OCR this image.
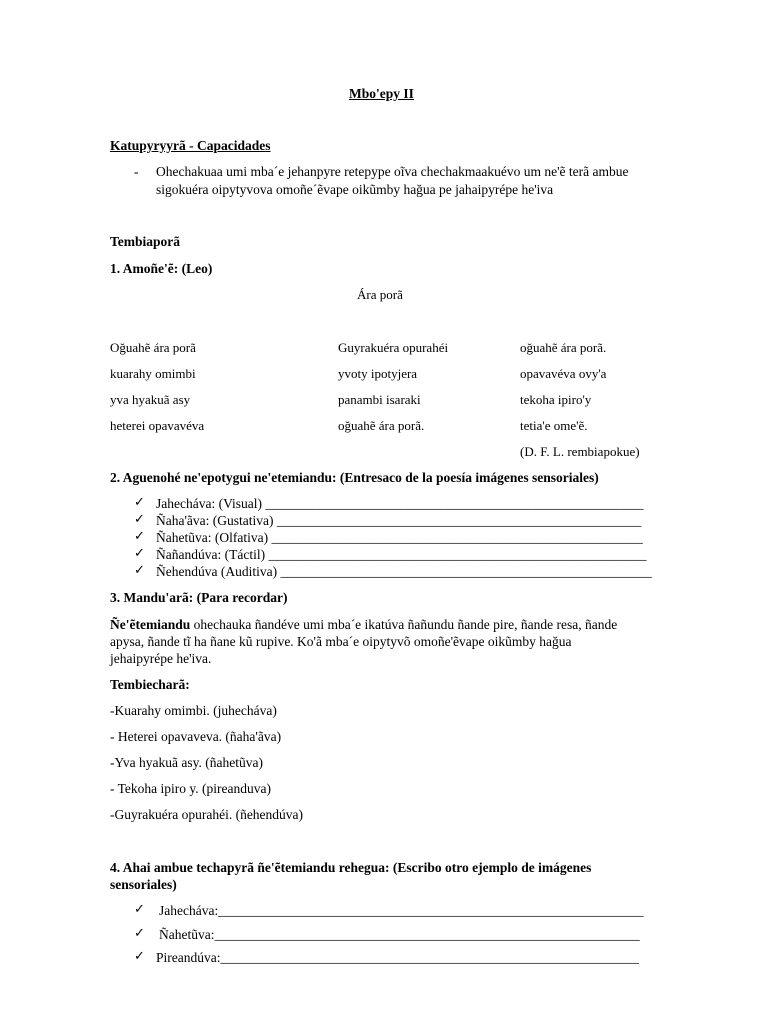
Mbo'epy II
Katupyryyrã - Capacidades
- Ohechakuaa umi mba´e jehanpyre retepype oĩva chechakmaakuévo um ne'ẽ terã ambue
sigokuéra oipytyvova omoñe´ẽvape oikũmby hağua pe jahaipyrépe he'iva
Tembiaporã
1. Amoñe'ẽ: (Leo)
Ára porã
Oğuahẽ ára porã
kuarahy omimbi
yva hyakuã asy
heterei opavavéva
Guyrakuéra opurahéi
yvoty ipotyjera
panambi isaraki
oğuahẽ ára porã.
oğuahẽ ára porã.
opavavéva ovy'a
tekoha ipiro'y
tetia'e ome'ẽ.
(D. F. L. rembiapokue)
2. Aguenohé ne'epotygui ne'etemiandu: (Entresaco de la poesía imágenes sensoriales)
✓ Jahecháva: (Visual) ________________________________________________________
✓ Ñaha'ãva: (Gustativa) ______________________________________________________
✓ Ñahetũva: (Olfativa) _______________________________________________________
✓ Ñañandúva: (Táctil) ________________________________________________________
✓ Ñehendúva (Auditiva) _______________________________________________________
3. Mandu'arã: (Para recordar)
Ñe'ẽtemiandu ohechauka ñandéve umi mba´e ikatúva ñañundu ñande pire, ñande resa, ñande
apysa, ñande tĩ ha ñane kũ rupive. Ko'ã mba´e oipytyvõ omoñe'ẽvape oikũmby hağua
jehaipyrépe he'iva.
Tembiecharã:
-Kuarahy omimbi. (juhecháva)
- Heterei opavaveva. (ñaha'ãva)
-Yva hyakuã asy. (ñahetũva)
- Tekoha ipiro y. (pireanduva)
-Guyrakuéra opurahéi. (ñehendúva)
4. Ahai ambue techapyrã ñe'ẽtemiandu rehegua: (Escribo otro ejemplo de imágenes
sensoriales)
✓ Jahecháva:_______________________________________________________________
✓ Ñahetũva:_______________________________________________________________
✓ Pireandúva:______________________________________________________________
